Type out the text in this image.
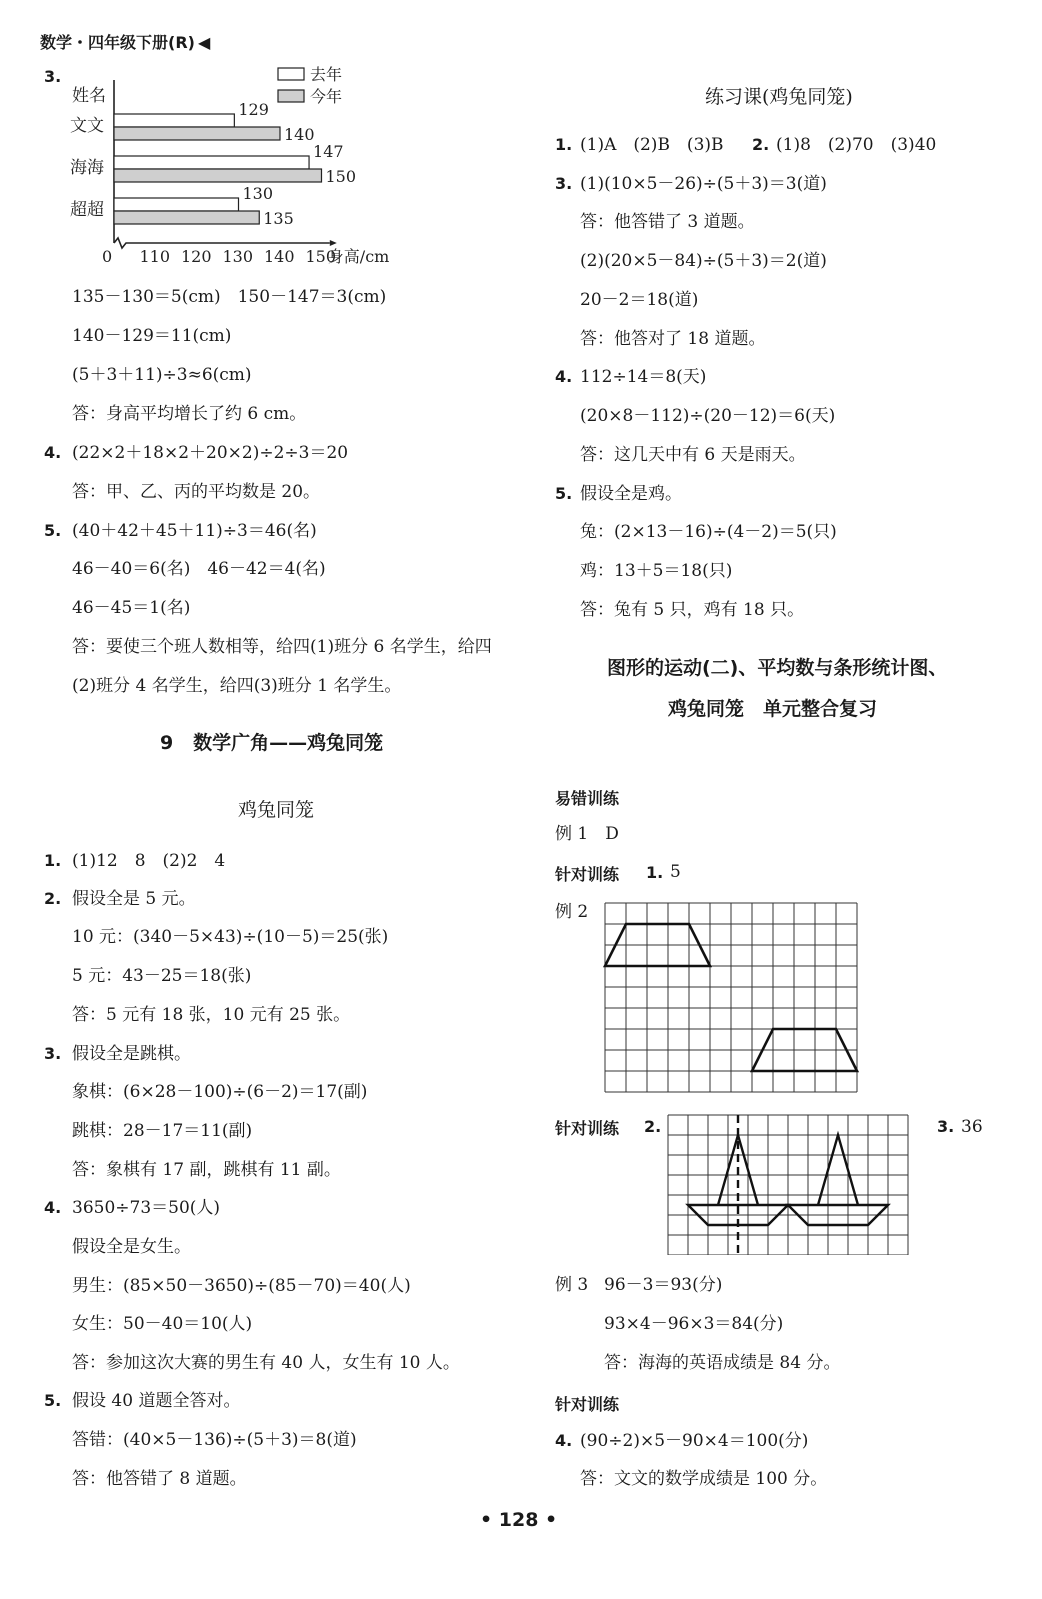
数学・四年级下册(R) ◀
3.
姓名
0 110 120 130 140 150
身高/cm
文文
129
140
海海
147
150
超超
130
135
去年
今年
135－130＝5(cm)　150－147＝3(cm)
140－129＝11(cm)
(5＋3＋11)÷3≈6(cm)
答：身高平均增长了约 6 cm。
4. (22×2＋18×2＋20×2)÷2÷3＝20
答：甲、乙、丙的平均数是 20。
5. (40＋42＋45＋11)÷3＝46(名)
46－40＝6(名)　46－42＝4(名)
46－45＝1(名)
答：要使三个班人数相等，给四(1)班分 6 名学生，给四
(2)班分 4 名学生，给四(3)班分 1 名学生。
9 数学广角——鸡兔同笼
鸡兔同笼
1. (1)12　8　(2)2　4
2. 假设全是 5 元。
10 元：(340－5×43)÷(10－5)＝25(张)
5 元：43－25＝18(张)
答：5 元有 18 张，10 元有 25 张。
3. 假设全是跳棋。
象棋：(6×28－100)÷(6－2)＝17(副)
跳棋：28－17＝11(副)
答：象棋有 17 副，跳棋有 11 副。
4. 3650÷73＝50(人)
假设全是女生。
男生：(85×50－3650)÷(85－70)＝40(人)
女生：50－40＝10(人)
答：参加这次大赛的男生有 40 人，女生有 10 人。
5. 假设 40 道题全答对。
答错：(40×5－136)÷(5＋3)＝8(道)
答：他答错了 8 道题。
练习课(鸡兔同笼)
1. (1)A　(2)B　(3)B 2. (1)8　(2)70　(3)40
3. (1)(10×5－26)÷(5＋3)＝3(道)
答：他答错了 3 道题。
(2)(20×5－84)÷(5＋3)＝2(道)
20－2＝18(道)
答：他答对了 18 道题。
4. 112÷14＝8(天)
(20×8－112)÷(20－12)＝6(天)
答：这几天中有 6 天是雨天。
5. 假设全是鸡。
兔：(2×13－16)÷(4－2)＝5(只)
鸡：13＋5＝18(只)
答：兔有 5 只，鸡有 18 只。
图形的运动(二)、平均数与条形统计图、
鸡兔同笼　单元整合复习
易错训练
例 1　D
针对训练 1. 5
例 2
针对训练 2.	3. 36
例 3 96－3＝93(分)
93×4－96×3＝84(分)
答：海海的英语成绩是 84 分。
针对训练
4. (90÷2)×5－90×4＝100(分)
答：文文的数学成绩是 100 分。
• 128 •
